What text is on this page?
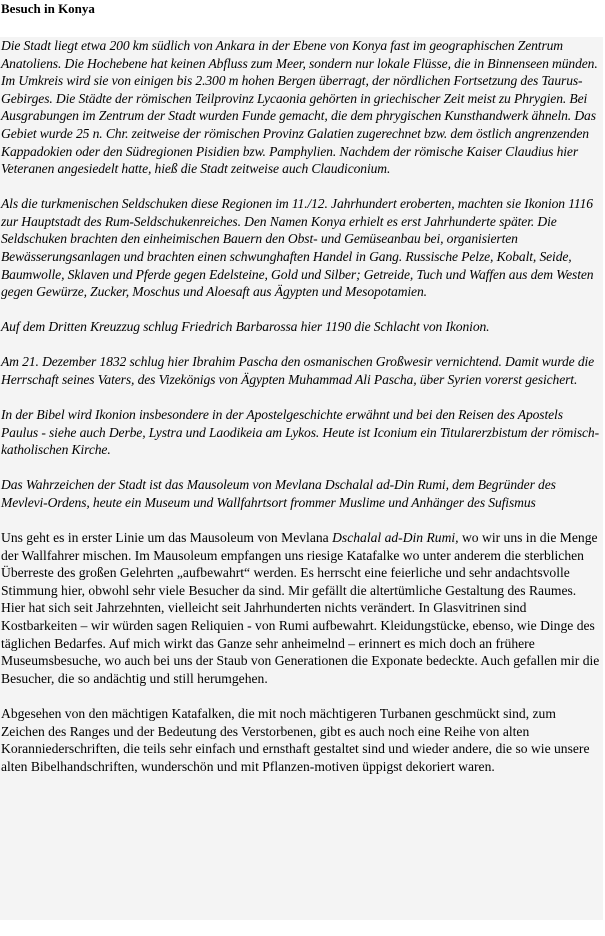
Besuch in Konya

Die Stadt liegt etwa 200 km südlich von Ankara in der Ebene von Konya fast im geographischen Zentrum Anatoliens. Die Hochebene hat keinen Abfluss zum Meer, sondern nur lokale Flüsse, die in Binnenseen münden. Im Umkreis wird sie von einigen bis 2.300 m hohen Bergen überragt, der nördlichen Fortsetzung des Taurus-Gebirges. Die Städte der römischen Teilprovinz Lycaonia gehörten in griechischer Zeit meist zu Phrygien. Bei Ausgrabungen im Zentrum der Stadt wurden Funde gemacht, die dem phrygischen Kunsthandwerk ähneln. Das Gebiet wurde 25 n. Chr. zeitweise der römischen Provinz Galatien zugerechnet bzw. dem östlich angrenzenden Kappadokien oder den Südregionen Pisidien bzw. Pamphylien. Nachdem der römische Kaiser Claudius hier Veteranen angesiedelt hatte, hieß die Stadt zeitweise auch Claudiconium.

Als die turkmenischen Seldschuken diese Regionen im 11./12. Jahrhundert eroberten, machten sie Ikonion 1116 zur Hauptstadt des Rum-Seldschukenreiches. Den Namen Konya erhielt es erst Jahrhunderte später. Die Seldschuken brachten den einheimischen Bauern den Obst- und Gemüseanbau bei, organisierten Bewässerungsanlagen und brachten einen schwunghaften Handel in Gang. Russische Pelze, Kobalt, Seide, Baumwolle, Sklaven und Pferde gegen Edelsteine, Gold und Silber; Getreide, Tuch und Waffen aus dem Westen gegen Gewürze, Zucker, Moschus und Aloesaft aus Ägypten und Mesopotamien.

Auf dem Dritten Kreuzzug schlug Friedrich Barbarossa hier 1190 die Schlacht von Ikonion.

Am 21. Dezember 1832 schlug hier Ibrahim Pascha den osmanischen Großwesir vernichtend. Damit wurde die Herrschaft seines Vaters, des Vizekönigs von Ägypten Muhammad Ali Pascha, über Syrien vorerst gesichert.

In der Bibel wird Ikonion insbesondere in der Apostelgeschichte erwähnt und bei den Reisen des Apostels Paulus - siehe auch Derbe, Lystra und Laodikeia am Lykos. Heute ist Iconium ein Titularerzbistum der römisch-katholischen Kirche.

Das Wahrzeichen der Stadt ist das Mausoleum von Mevlana Dschalal ad-Din Rumi, dem Begründer des Mevlevi-Ordens, heute ein Museum und Wallfahrtsort frommer Muslime und Anhänger des Sufismus

Uns geht es in erster Linie um das Mausoleum von Mevlana Dschalal ad-Din Rumi, wo wir uns in die Menge der Wallfahrer mischen. Im Mausoleum empfangen uns riesige Katafalke wo unter anderem die sterblichen Überreste des großen Gelehrten „aufbewahrt“ werden. Es herrscht eine feierliche und sehr andachtsvolle Stimmung hier, obwohl sehr viele Besucher da sind. Mir gefällt die altertümliche Gestaltung des Raumes. Hier hat sich seit Jahrzehnten, vielleicht seit Jahrhunderten nichts verändert. In Glasvitrinen sind Kostbarkeiten – wir würden sagen Reliquien - von Rumi aufbewahrt. Kleidungstücke, ebenso, wie Dinge des täglichen Bedarfes. Auf mich wirkt das Ganze sehr anheimelnd – erinnert es mich doch an frühere Museumsbesuche, wo auch bei uns der Staub von Generationen die Exponate bedeckte. Auch gefallen mir die Besucher, die so andächtig und still herumgehen.

Abgesehen von den mächtigen Katafalken, die mit noch mächtigeren Turbanen geschmückt sind, zum Zeichen des Ranges und der Bedeutung des Verstorbenen, gibt es auch noch eine Reihe von alten Koranniederschriften, die teils sehr einfach und ernsthaft gestaltet sind und wieder andere, die so wie unsere alten Bibelhandschriften, wunderschön und mit Pflanzen-motiven üppigst dekoriert waren.
